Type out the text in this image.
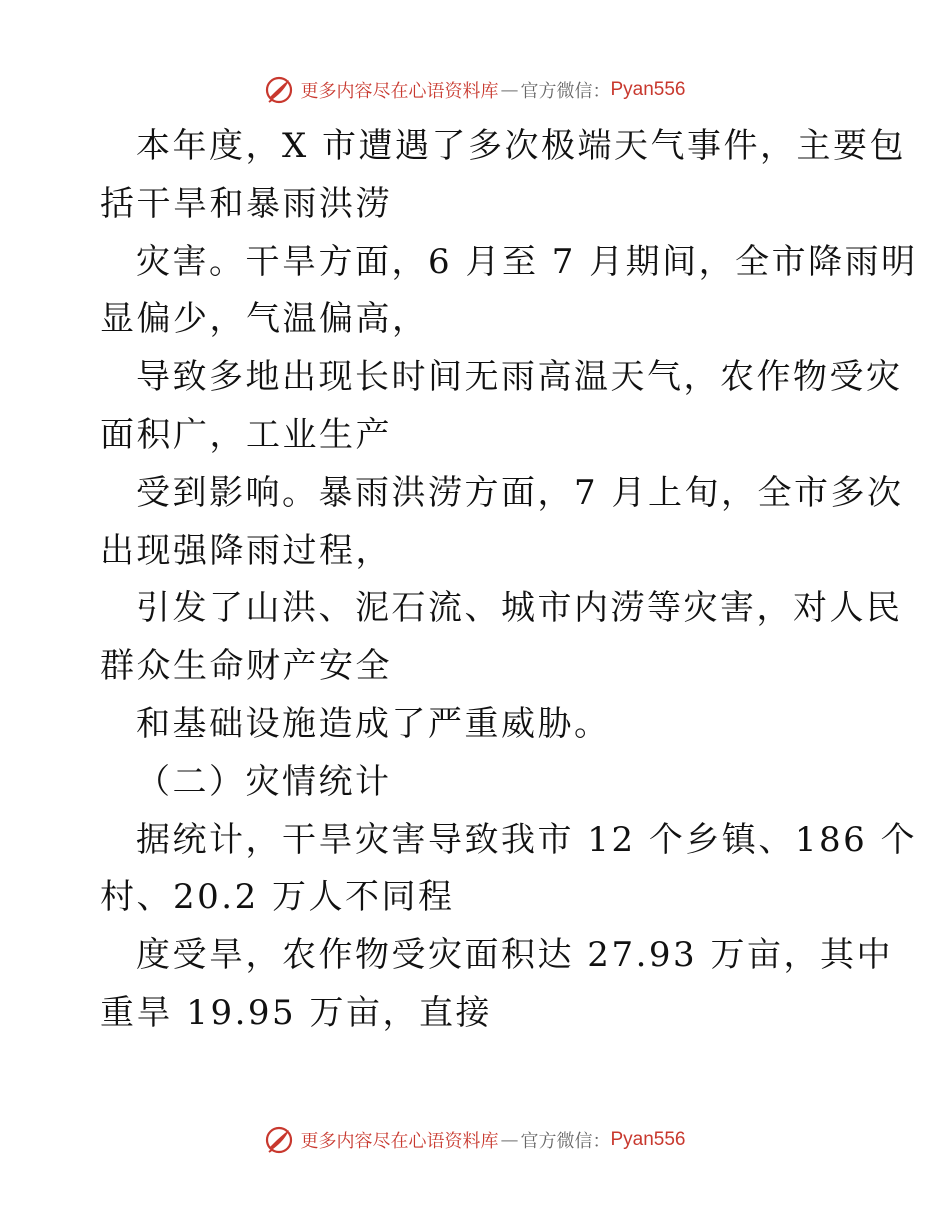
更多内容尽在心语资料库 — 官方微信： Pyan556
本年度，X 市遭遇了多次极端天气事件，主要包
括干旱和暴雨洪涝
灾害。干旱方面，6 月至 7 月期间，全市降雨明
显偏少，气温偏高，
导致多地出现长时间无雨高温天气，农作物受灾
面积广，工业生产
受到影响。暴雨洪涝方面，7 月上旬，全市多次
出现强降雨过程，
引发了山洪、泥石流、城市内涝等灾害，对人民
群众生命财产安全
和基础设施造成了严重威胁。
（二）灾情统计
据统计，干旱灾害导致我市 12 个乡镇、186 个
村、20.2 万人不同程
度受旱，农作物受灾面积达 27.93 万亩，其中
重旱 19.95 万亩，直接
更多内容尽在心语资料库 — 官方微信： Pyan556
